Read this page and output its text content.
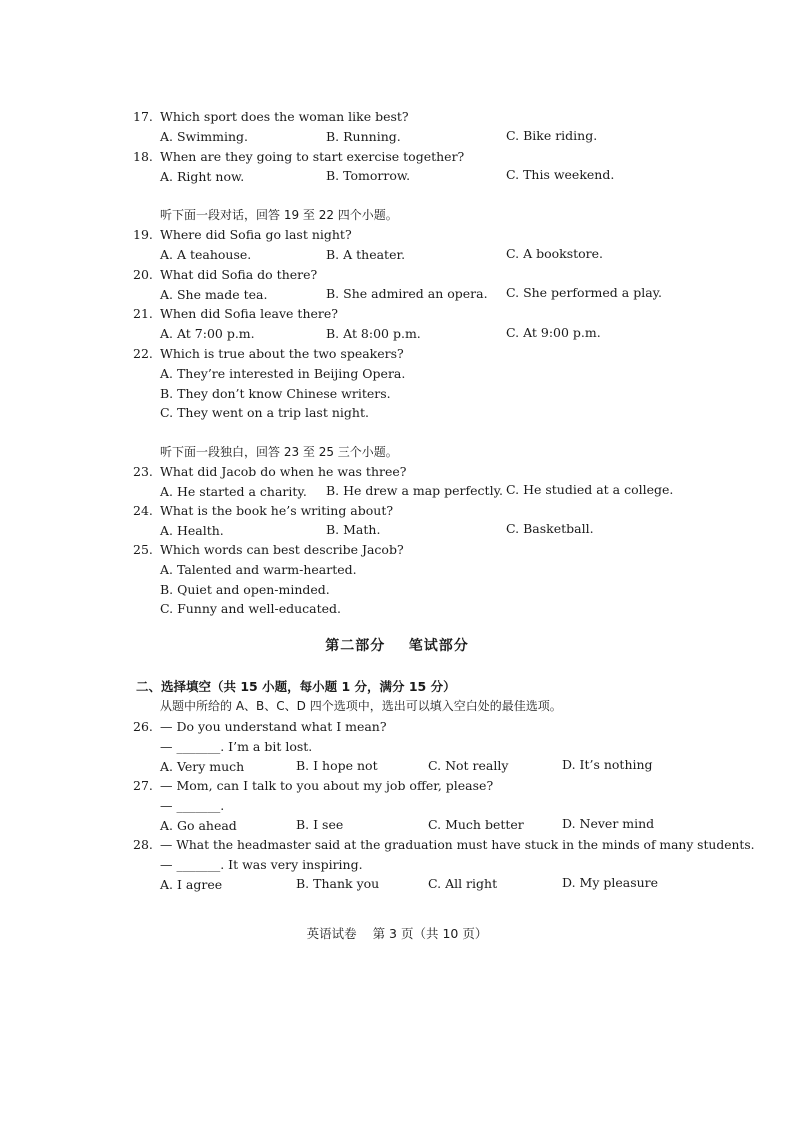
17. Which sport does the woman like best?
A. Swimming.	B. Running.	C. Bike riding.
18. When are they going to start exercise together?
A. Right now.	B. Tomorrow.	C. This weekend.
听下面一段对话，回答 19 至 22 四个小题。
19. Where did Sofia go last night?
A. A teahouse.	B. A theater.	C. A bookstore.
20. What did Sofia do there?
A. She made tea.	B. She admired an opera. C. She performed a play.
21. When did Sofia leave there?
A. At 7:00 p.m.	B. At 8:00 p.m.	C. At 9:00 p.m.
22. Which is true about the two speakers?
A. They’re interested in Beijing Opera.
B. They don’t know Chinese writers.
C. They went on a trip last night.
听下面一段独白，回答 23 至 25 三个小题。
23. What did Jacob do when he was three?
A. He started a charity. B. He drew a map perfectly. C. He studied at a college.
24. What is the book he’s writing about?
A. Health.	B. Math.	C. Basketball.
25. Which words can best describe Jacob?
A. Talented and warm-hearted.
B. Quiet and open-minded.
C. Funny and well-educated.
第二部分    笔试部分
二、选择填空（共 15 小题，每小题 1 分，满分 15 分）
从题中所给的 A、B、C、D 四个选项中，选出可以填入空白处的最佳选项。
26. — Do you understand what I mean?
— _______. I’m a bit lost.
A. Very much	B. I hope not	C. Not really	D. It’s nothing
27. — Mom, can I talk to you about my job offer, please?
— _______.
A. Go ahead	B. I see	C. Much better	D. Never mind
28. — What the headmaster said at the graduation must have stuck in the minds of many students.
— _______. It was very inspiring.
A. I agree	B. Thank you	C. All right	D. My pleasure
英语试卷    第 3 页（共 10 页）
